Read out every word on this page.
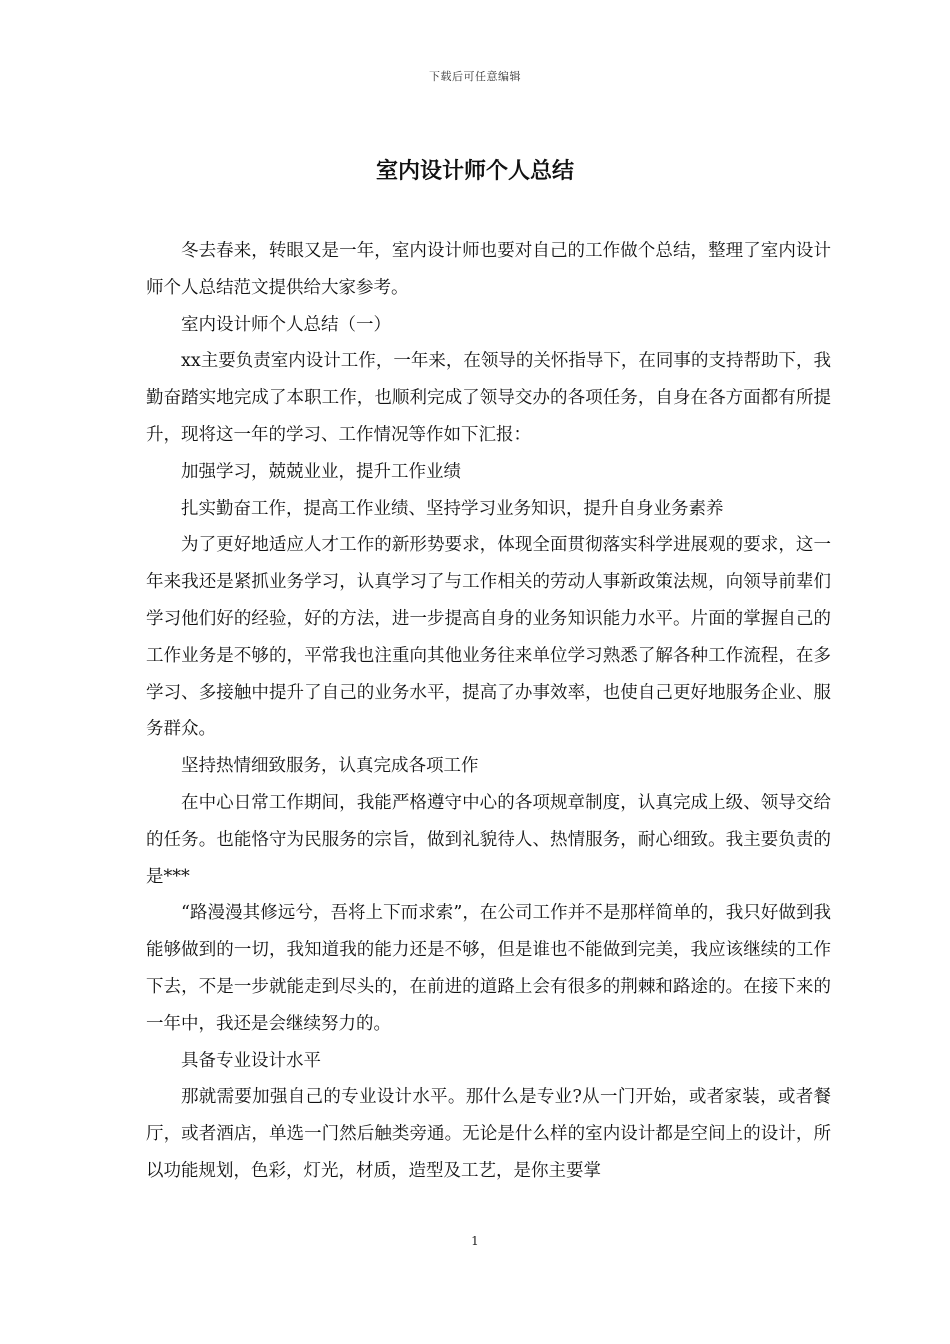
下载后可任意编辑
室内设计师个人总结

冬去春来，转眼又是一年，室内设计师也要对自己的工作做个总结，整理了室内设计师个人总结范文提供给大家参考。

室内设计师个人总结（一）

xx主要负责室内设计工作，一年来，在领导的关怀指导下，在同事的支持帮助下，我勤奋踏实地完成了本职工作，也顺利完成了领导交办的各项任务，自身在各方面都有所提升，现将这一年的学习、工作情况等作如下汇报：

加强学习，兢兢业业，提升工作业绩

扎实勤奋工作，提高工作业绩、坚持学习业务知识，提升自身业务素养

为了更好地适应人才工作的新形势要求，体现全面贯彻落实科学进展观的要求，这一年来我还是紧抓业务学习，认真学习了与工作相关的劳动人事新政策法规，向领导前辈们学习他们好的经验，好的方法，进一步提高自身的业务知识能力水平。片面的掌握自己的工作业务是不够的，平常我也注重向其他业务往来单位学习熟悉了解各种工作流程，在多学习、多接触中提升了自己的业务水平，提高了办事效率，也使自己更好地服务企业、服务群众。

坚持热情细致服务，认真完成各项工作

在中心日常工作期间，我能严格遵守中心的各项规章制度，认真完成上级、领导交给的任务。也能恪守为民服务的宗旨，做到礼貌待人、热情服务，耐心细致。我主要负责的是***

“路漫漫其修远兮，吾将上下而求索”，在公司工作并不是那样简单的，我只好做到我能够做到的一切，我知道我的能力还是不够，但是谁也不能做到完美，我应该继续的工作下去，不是一步就能走到尽头的，在前进的道路上会有很多的荆棘和路途的。在接下来的一年中，我还是会继续努力的。

具备专业设计水平

那就需要加强自己的专业设计水平。那什么是专业?从一门开始，或者家装，或者餐厅，或者酒店，单选一门然后触类旁通。无论是什么样的室内设计都是空间上的设计，所以功能规划，色彩，灯光，材质，造型及工艺，是你主要掌

1
